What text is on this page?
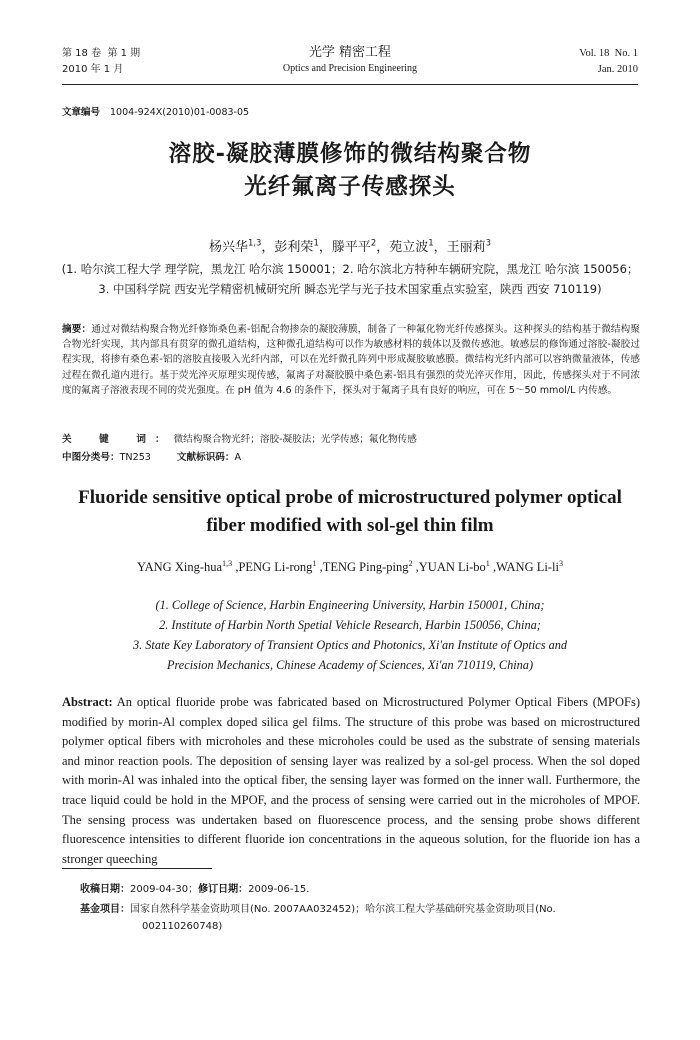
第 18 卷 第 1 期
2010 年 1 月
光学 精密工程
Optics and Precision Engineering
Vol. 18 No. 1
Jan. 2010
文章编号 1004-924X(2010)01-0083-05
溶胶-凝胶薄膜修饰的微结构聚合物
光纤氟离子传感探头
杨兴华$^{1,3}$，彭利荣$^1$，滕平平$^2$，苑立波$^1$，王丽莉$^3$
(1. 哈尔滨工程大学 理学院，黑龙江 哈尔滨 150001；2. 哈尔滨北方特种车辆研究院，黑龙江 哈尔滨 150056；
3. 中国科学院 西安光学精密机械研究所 瞬态光学与光子技术国家重点实验室，陕西 西安 710119)
摘要：通过对微结构聚合物光纤修饰桑色素-铝配合物掺杂的凝胶薄膜，制备了一种氟化物光纤传感探头。这种探头的结构基于微结构聚合物光纤实现，其内部具有贯穿的微孔道结构，这种微孔道结构可以作为敏感材料的载体以及微传感池。敏感层的修饰通过溶胶-凝胶过程实现，将掺有桑色素-铝的溶胶直接吸入光纤内部，可以在光纤微孔阵列中形成凝胶敏感膜。微结构光纤内部可以容纳微量液体，传感过程在微孔道内进行。基于荧光淬灭原理实现传感，氟离子对凝胶膜中桑色素-铝具有强烈的荧光淬灭作用，因此，传感探头对于不同浓度的氟离子溶液表现不同的荧光强度。在 pH 值为 4.6 的条件下，探头对于氟离子具有良好的响应，可在 5～50 mmol/L 内传感。
关　键　词：微结构聚合物光纤；溶胶-凝胶法；光学传感；氟化物传感
中图分类号：TN253	文献标识码：A
Fluoride sensitive optical probe of microstructured polymer optical
fiber modified with sol-gel thin film
YANG Xing-hua$^{1,3}$ ,PENG Li-rong$^1$ ,TENG Ping-ping$^2$ ,YUAN $Li-bo^1$ ,WANG $Li-li^3$
(1. College of Science, Harbin Engineering University, Harbin 150001, China;
2. Institute of Harbin North Spetial Vehicle Research, Harbin 150056, China;
3. State Key Laboratory of Transient Optics and Photonics, Xi'an Institute of Optics and
Precision Mechanics, Chinese Academy of Sciences, Xi'an 710119, China)
Abstract: An optical fluoride probe was fabricated based on Microstructured Polymer Optical Fibers (MPOFs) modified by morin-Al complex doped silica gel films. The structure of this probe was based on microstructured polymer optical fibers with microholes and these microholes could be used as the substrate of sensing materials and minor reaction pools. The deposition of sensing layer was realized by a sol-gel process. When the sol doped with morin-Al was inhaled into the optical fiber, the sensing layer was formed on the inner wall. Furthermore, the trace liquid could be hold in the MPOF, and the process of sensing were carried out in the microholes of MPOF. The sensing process was undertaken based on fluorescence process, and the sensing probe shows different fluorescence intensities to different fluoride ion concentrations in the aqueous solution, for the fluoride ion has a stronger queeching
收稿日期：2009-04-30；修订日期：2009-06-15.
基金项目：国家自然科学基金资助项目(No. 2007AA032452)；哈尔滨工程大学基础研究基金资助项目(No.
002110260748)
